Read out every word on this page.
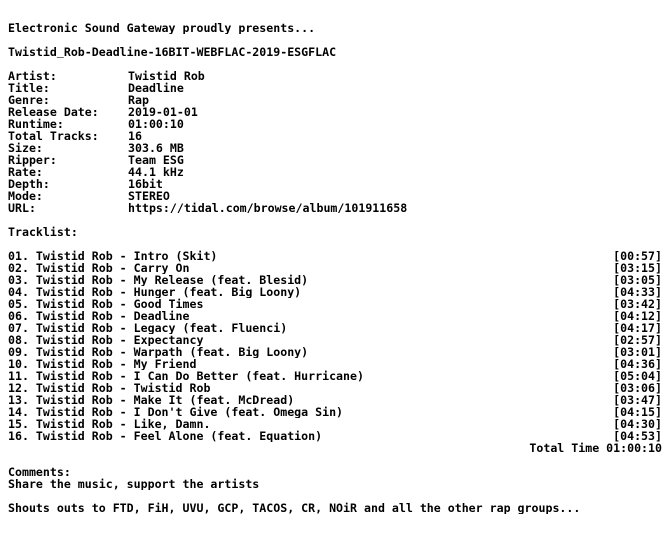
Electronic Sound Gateway proudly presents...
Twistid_Rob-Deadline-16BIT-WEBFLAC-2019-ESGFLAC
Artist:	Twistid Rob
Title:	Deadline
Genre:	Rap
Release Date:	2019-01-01
Runtime:	01:00:10
Total Tracks:	16
Size:	303.6 MB
Ripper:	Team ESG
Rate:	44.1 kHz
Depth:	16bit
Mode:	STEREO
URL:	https://tidal.com/browse/album/101911658
Tracklist:
01. Twistid Rob - Intro (Skit)	[00:57]
02. Twistid Rob - Carry On	[03:15]
03. Twistid Rob - My Release (feat. Blesid)	[03:05]
04. Twistid Rob - Hunger (feat. Big Loony)	[04:33]
05. Twistid Rob - Good Times	[03:42]
06. Twistid Rob - Deadline	[04:12]
07. Twistid Rob - Legacy (feat. Fluenci)	[04:17]
08. Twistid Rob - Expectancy	[02:57]
09. Twistid Rob - Warpath (feat. Big Loony)	[03:01]
10. Twistid Rob - My Friend	[04:36]
11. Twistid Rob - I Can Do Better (feat. Hurricane)	[05:04]
12. Twistid Rob - Twistid Rob	[03:06]
13. Twistid Rob - Make It (feat. McDread)	[03:47]
14. Twistid Rob - I Don't Give (feat. Omega Sin)	[04:15]
15. Twistid Rob - Like, Damn.	[04:30]
16. Twistid Rob - Feel Alone (feat. Equation)	[04:53]
Total Time 01:00:10
Comments:
Share the music, support the artists
Shouts outs to FTD, FiH, UVU, GCP, TACOS, CR, NOiR and all the other rap groups...
